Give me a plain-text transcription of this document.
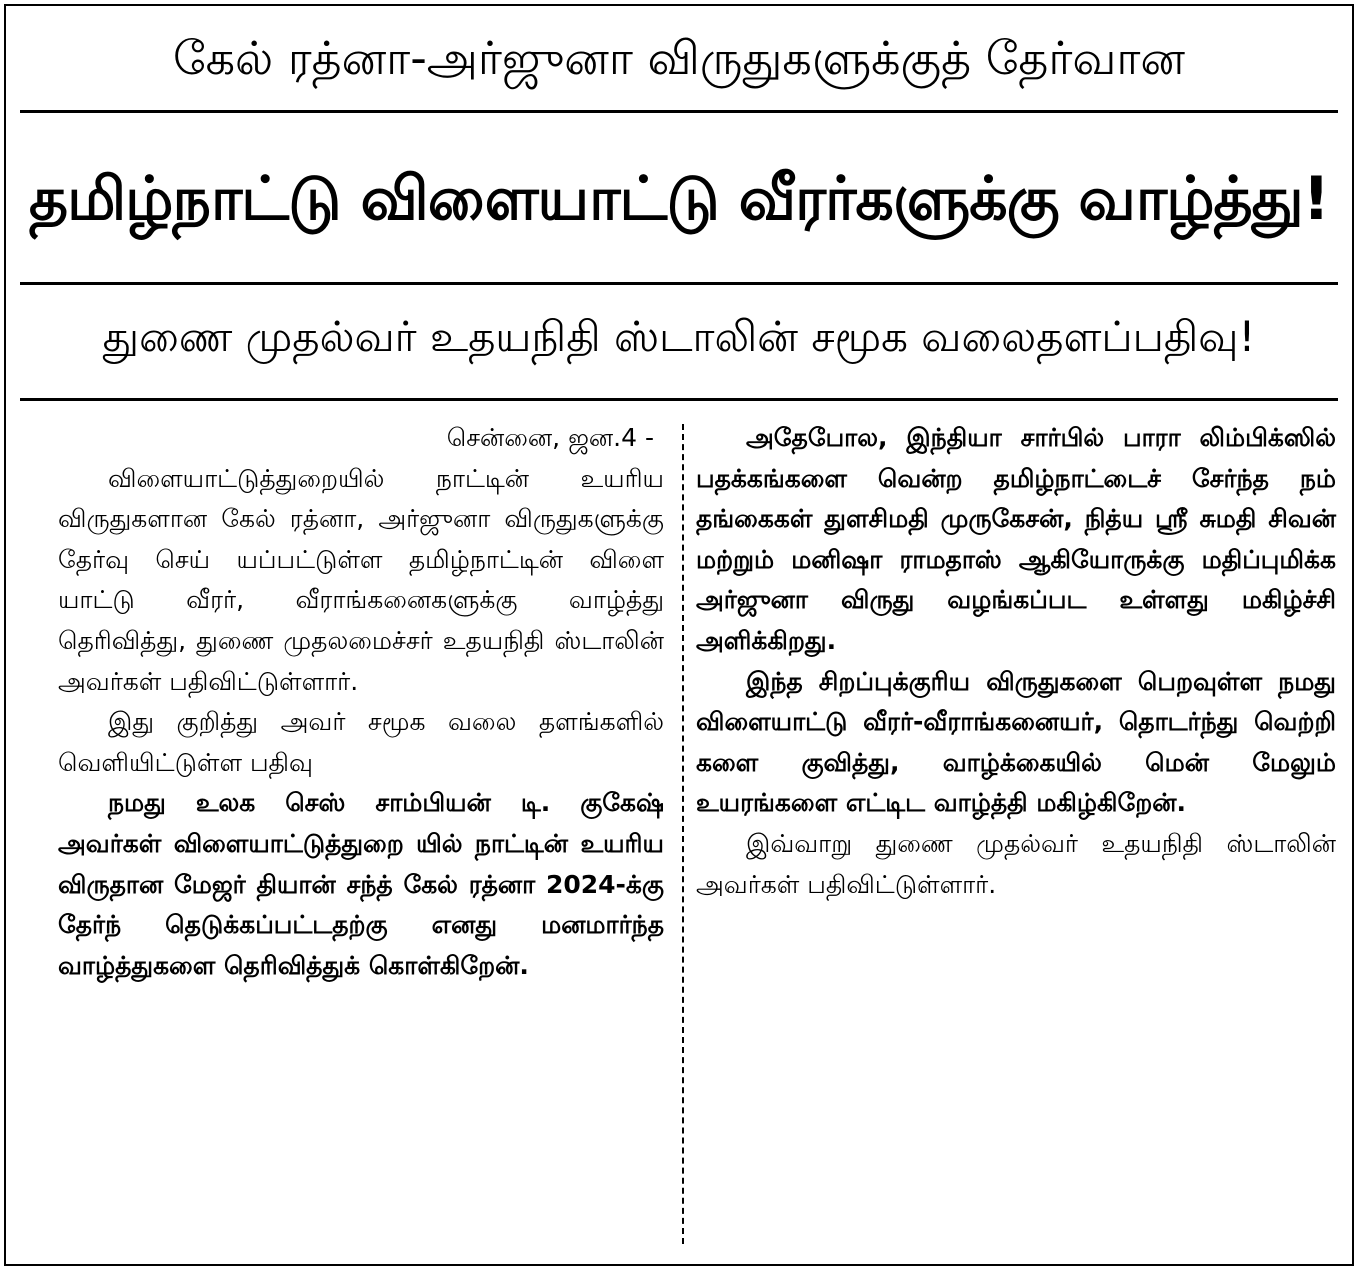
கேல் ரத்னா-அர்ஜுனா விருதுகளுக்குத் தேர்வான
தமிழ்நாட்டு விளையாட்டு வீரர்களுக்கு வாழ்த்து!
துணை முதல்வர் உதயநிதி ஸ்டாலின் சமூக வலைதளப்பதிவு!

சென்னை, ஜன.4 -

விளையாட்டுத்துறையில் நாட்டின் உயரிய விருதுகளான கேல் ரத்னா, அர்ஜுனா விருதுகளுக்கு தேர்வு செய் யப்பட்டுள்ள தமிழ்நாட்டின் விளை யாட்டு வீரர், வீராங்கனைகளுக்கு வாழ்த்து தெரிவித்து, துணை முதலமைச்சர் உதயநிதி ஸ்டாலின் அவர்கள் பதிவிட்டுள்ளார்.

இது குறித்து அவர் சமூக வலை தளங்களில் வெளியிட்டுள்ள பதிவு

நமது உலக செஸ் சாம்பியன் டி. குகேஷ் அவர்கள் விளையாட்டுத்துறை யில் நாட்டின் உயரிய விருதான மேஜர் தியான் சந்த் கேல் ரத்னா 2024-க்கு தேர்ந் தெடுக்கப்பட்டதற்கு எனது மனமார்ந்த வாழ்த்துகளை தெரிவித்துக் கொள்கிறேன்.

அதேபோல, இந்தியா சார்பில் பாரா லிம்பிக்ஸில் பதக்கங்களை வென்ற தமிழ்நாட்டைச் சேர்ந்த நம் தங்கைகள் துளசிமதி முருகேசன், நித்ய ஸ்ரீ சுமதி சிவன் மற்றும் மனிஷா ராமதாஸ் ஆகியோருக்கு மதிப்புமிக்க அர்ஜுனா விருது வழங்கப்பட உள்ளது மகிழ்ச்சி அளிக்கிறது.

இந்த சிறப்புக்குரிய விருதுகளை பெறவுள்ள நமது விளையாட்டு வீரர்-வீராங்கனையர், தொடர்ந்து வெற்றி களை குவித்து, வாழ்க்கையில் மென் மேலும் உயரங்களை எட்டிட வாழ்த்தி மகிழ்கிறேன்.

இவ்வாறு துணை முதல்வர் உதயநிதி ஸ்டாலின் அவர்கள் பதிவிட்டுள்ளார்.
